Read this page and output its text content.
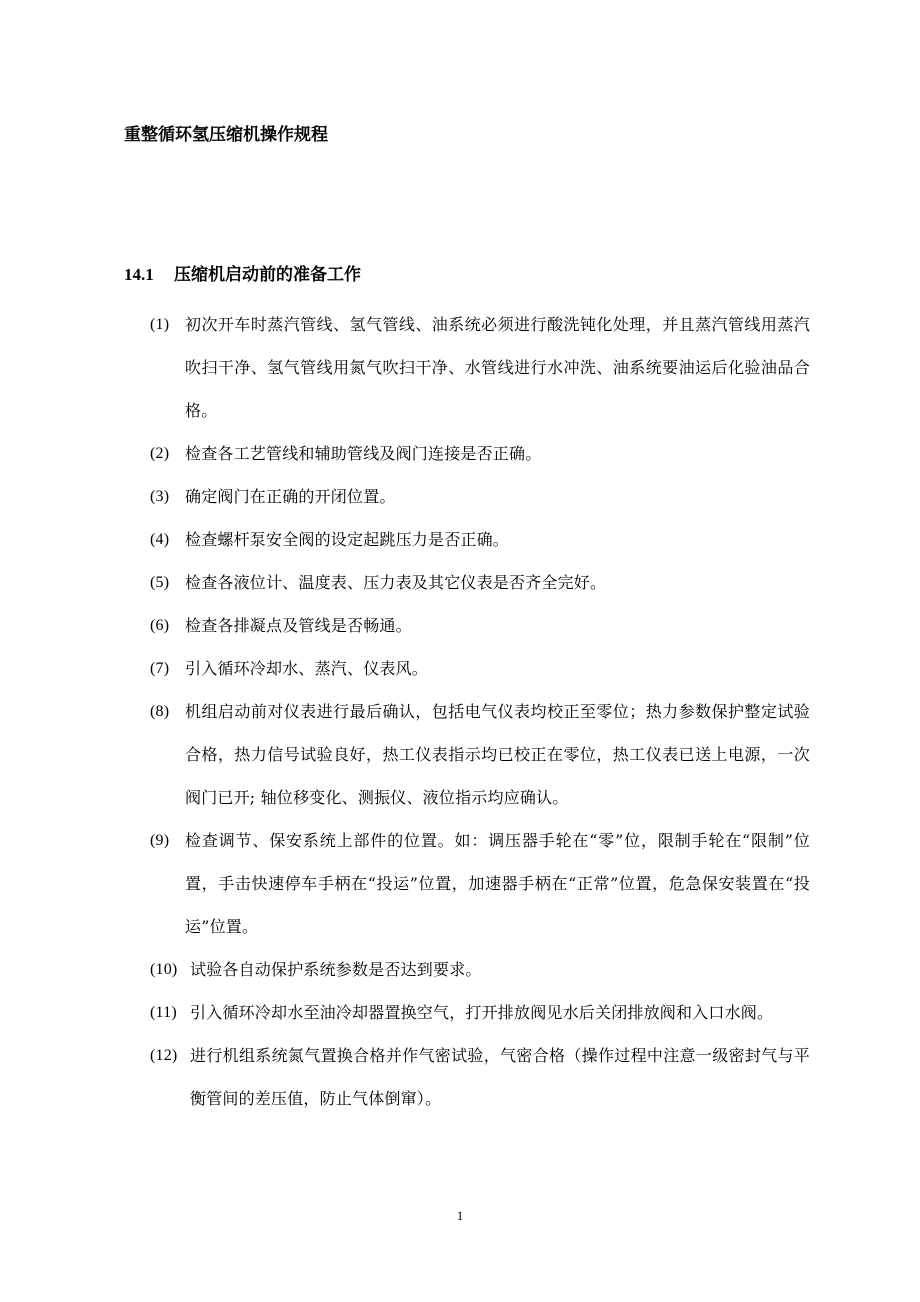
重整循环氢压缩机操作规程
14.1 压缩机启动前的准备工作
(1) 初次开车时蒸汽管线、氢气管线、油系统必须进行酸洗钝化处理，并且蒸汽管线用蒸汽吹扫干净、氢气管线用氮气吹扫干净、水管线进行水冲洗、油系统要油运后化验油品合格。
(2) 检查各工艺管线和辅助管线及阀门连接是否正确。
(3) 确定阀门在正确的开闭位置。
(4) 检查螺杆泵安全阀的设定起跳压力是否正确。
(5) 检查各液位计、温度表、压力表及其它仪表是否齐全完好。
(6) 检查各排凝点及管线是否畅通。
(7) 引入循环冷却水、蒸汽、仪表风。
(8) 机组启动前对仪表进行最后确认，包括电气仪表均校正至零位；热力参数保护整定试验合格，热力信号试验良好，热工仪表指示均已校正在零位，热工仪表已送上电源，一次阀门已开; 轴位移变化、测振仪、液位指示均应确认。
(9) 检查调节、保安系统上部件的位置。如：调压器手轮在“零”位，限制手轮在“限制”位置，手击快速停车手柄在“投运”位置，加速器手柄在“正常”位置，危急保安装置在“投运”位置。
(10) 试验各自动保护系统参数是否达到要求。
(11) 引入循环冷却水至油冷却器置换空气，打开排放阀见水后关闭排放阀和入口水阀。
(12) 进行机组系统氮气置换合格并作气密试验，气密合格（操作过程中注意一级密封气与平衡管间的差压值，防止气体倒窜）。
1
